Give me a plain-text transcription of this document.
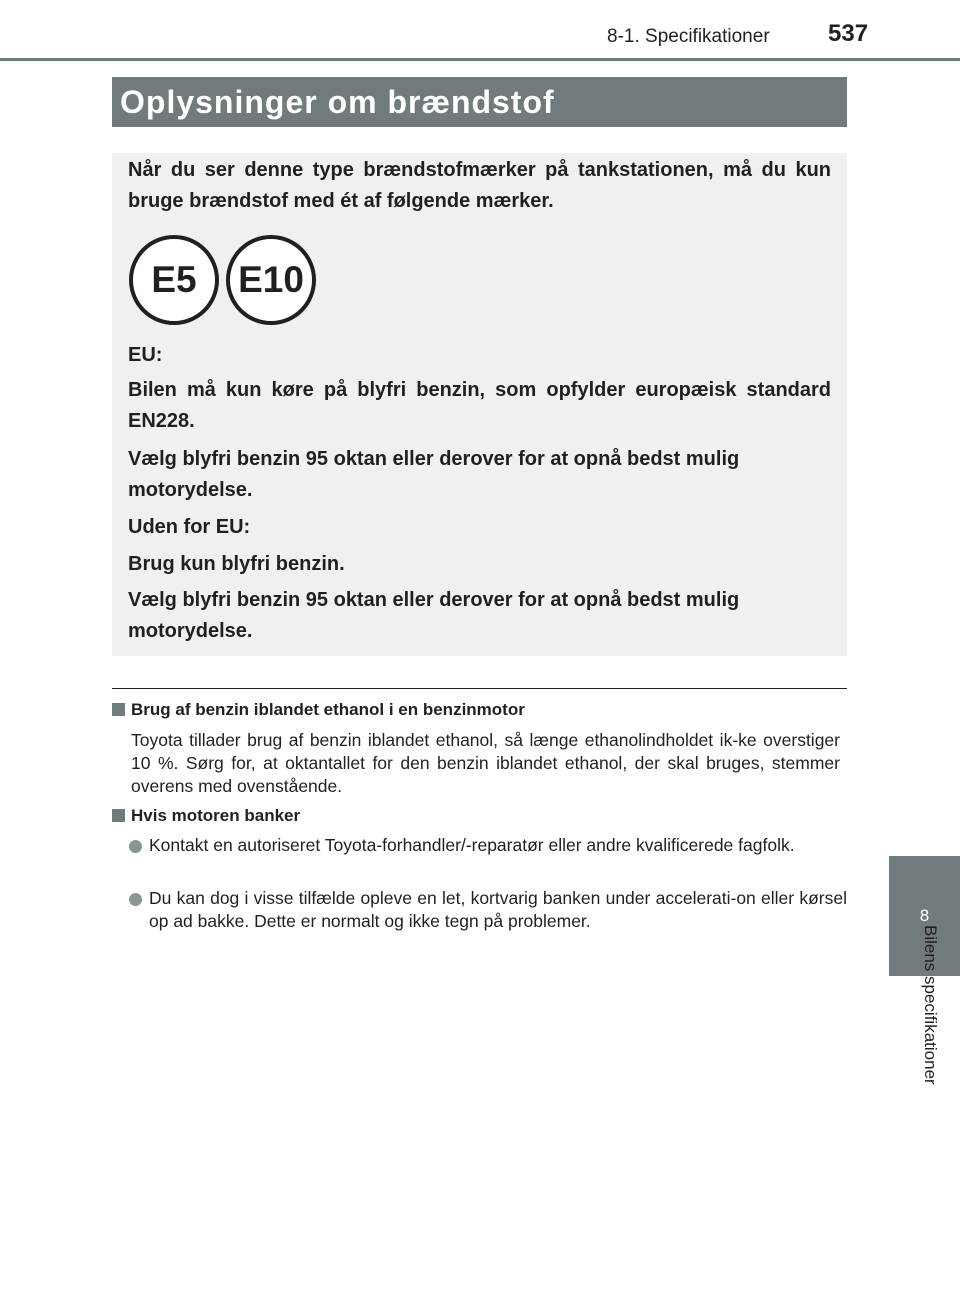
8-1. Specifikationer 537
8
Bilens specifikationer
Oplysninger om brændstof
Når du ser denne type brændstofmærker på tankstationen, må du kun bruge brændstof med ét af følgende mærker.
E5	E10
EU:
Bilen må kun køre på blyfri benzin, som opfylder europæisk standard EN228.
Vælg blyfri benzin 95 oktan eller derover for at opnå bedst mulig motorydelse.
Uden for EU:
Brug kun blyfri benzin.
Vælg blyfri benzin 95 oktan eller derover for at opnå bedst mulig motorydelse.
Brug af benzin iblandet ethanol i en benzinmotor
Toyota tillader brug af benzin iblandet ethanol, så længe ethanolindholdet ik-ke overstiger 10 %. Sørg for, at oktantallet for den benzin iblandet ethanol, der skal bruges, stemmer overens med ovenstående.
Hvis motoren banker
Kontakt en autoriseret Toyota-forhandler/-reparatør eller andre kvalificerede fagfolk.
Du kan dog i visse tilfælde opleve en let, kortvarig banken under accelerati-on eller kørsel op ad bakke. Dette er normalt og ikke tegn på problemer.
